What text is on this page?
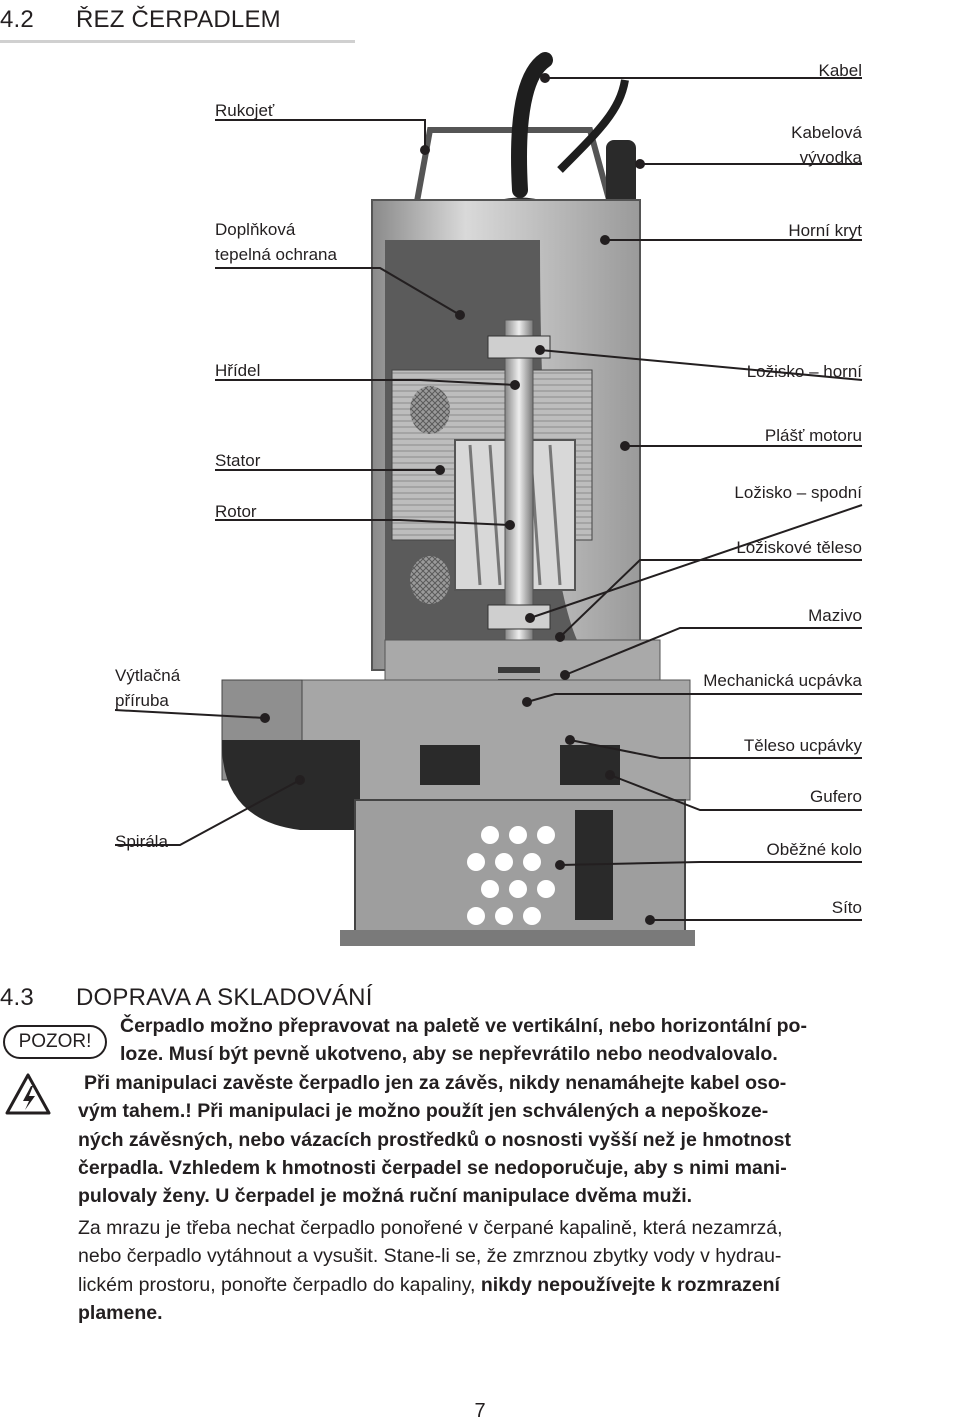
4.2 ŘEZ ČERPADLEM
Rukojeť
Doplňková
tepelná ochrana
Hřídel
Stator
Rotor
Výtlačná
příruba
Spirála
Kabel
Kabelová
vývodka
Horní kryt
Ložisko – horní
Plášť motoru
Ložisko – spodní
Ložiskové těleso
Mazivo
Mechanická ucpávka
Těleso ucpávky
Gufero
Oběžné kolo
Síto
4.3 DOPRAVA A SKLADOVÁNÍ
POZOR!
Čerpadlo možno přepravovat na paletě ve vertikální, nebo horizontální po-
loze. Musí být pevně ukotveno, aby se nepřevrátilo nebo neodvalovalo.
Při manipulaci zavěste čerpadlo jen za závěs, nikdy nenamáhejte kabel oso-
vým tahem.! Při manipulaci je možno použít jen schválených a nepoškoze-
ných závěsných, nebo vázacích prostředků o nosnosti vyšší než je hmotnost
čerpadla. Vzhledem k hmotnosti čerpadel se nedoporučuje, aby s nimi mani-
pulovaly ženy. U čerpadel je možná ruční manipulace dvěma muži.
Za mrazu je třeba nechat čerpadlo ponořené v čerpané kapalině, která nezamrzá,
nebo čerpadlo vytáhnout a vysušit. Stane-li se, že zmrznou zbytky vody v hydrau-
lickém prostoru, ponořte čerpadlo do kapaliny, nikdy nepoužívejte k rozmrazení
plamene.
7
